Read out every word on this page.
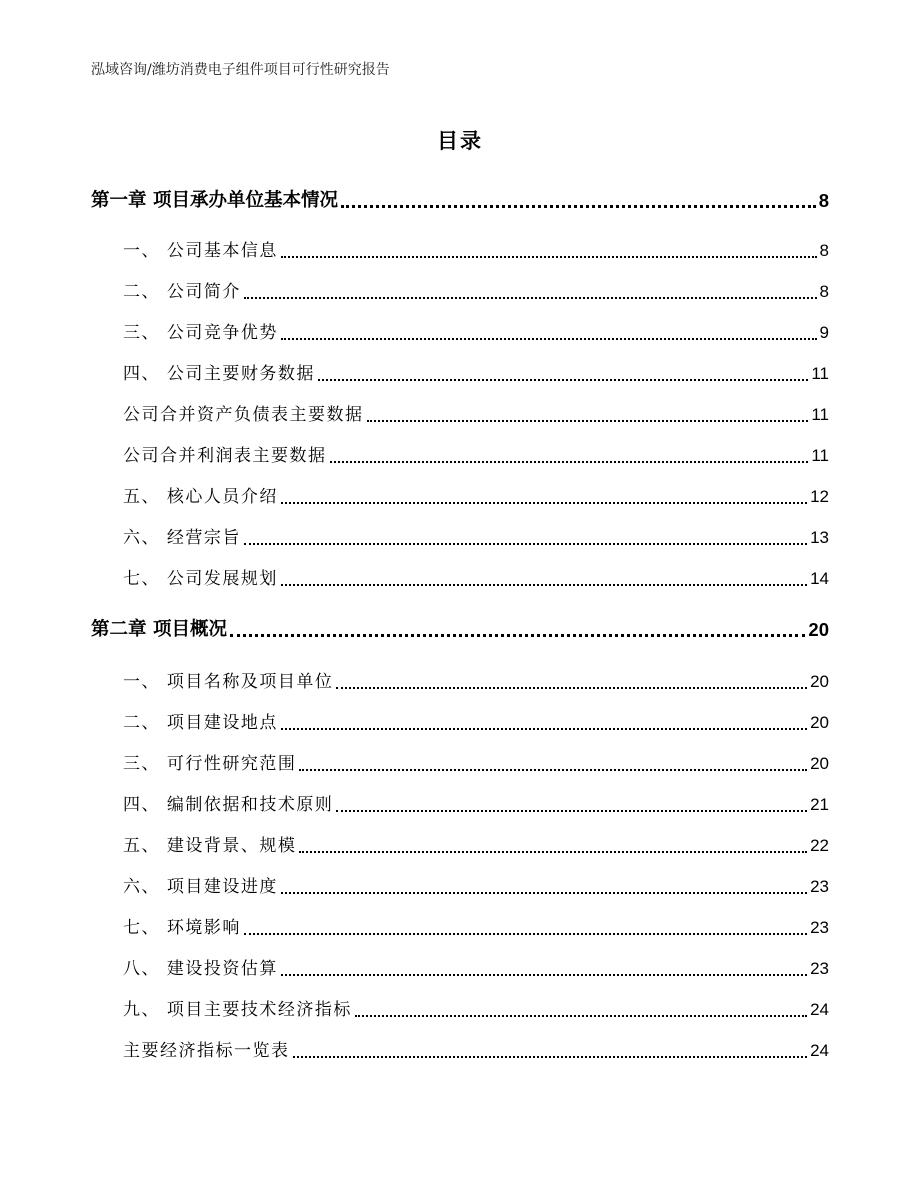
泓域咨询/潍坊消费电子组件项目可行性研究报告
目录
第一章 项目承办单位基本情况	8
一、 公司基本信息	8
二、 公司简介	8
三、 公司竞争优势	9
四、 公司主要财务数据	11
公司合并资产负债表主要数据	11
公司合并利润表主要数据	11
五、 核心人员介绍	12
六、 经营宗旨	13
七、 公司发展规划	14
第二章 项目概况	20
一、 项目名称及项目单位	20
二、 项目建设地点	20
三、 可行性研究范围	20
四、 编制依据和技术原则	21
五、 建设背景、规模	22
六、 项目建设进度	23
七、 环境影响	23
八、 建设投资估算	23
九、 项目主要技术经济指标	24
主要经济指标一览表	24
